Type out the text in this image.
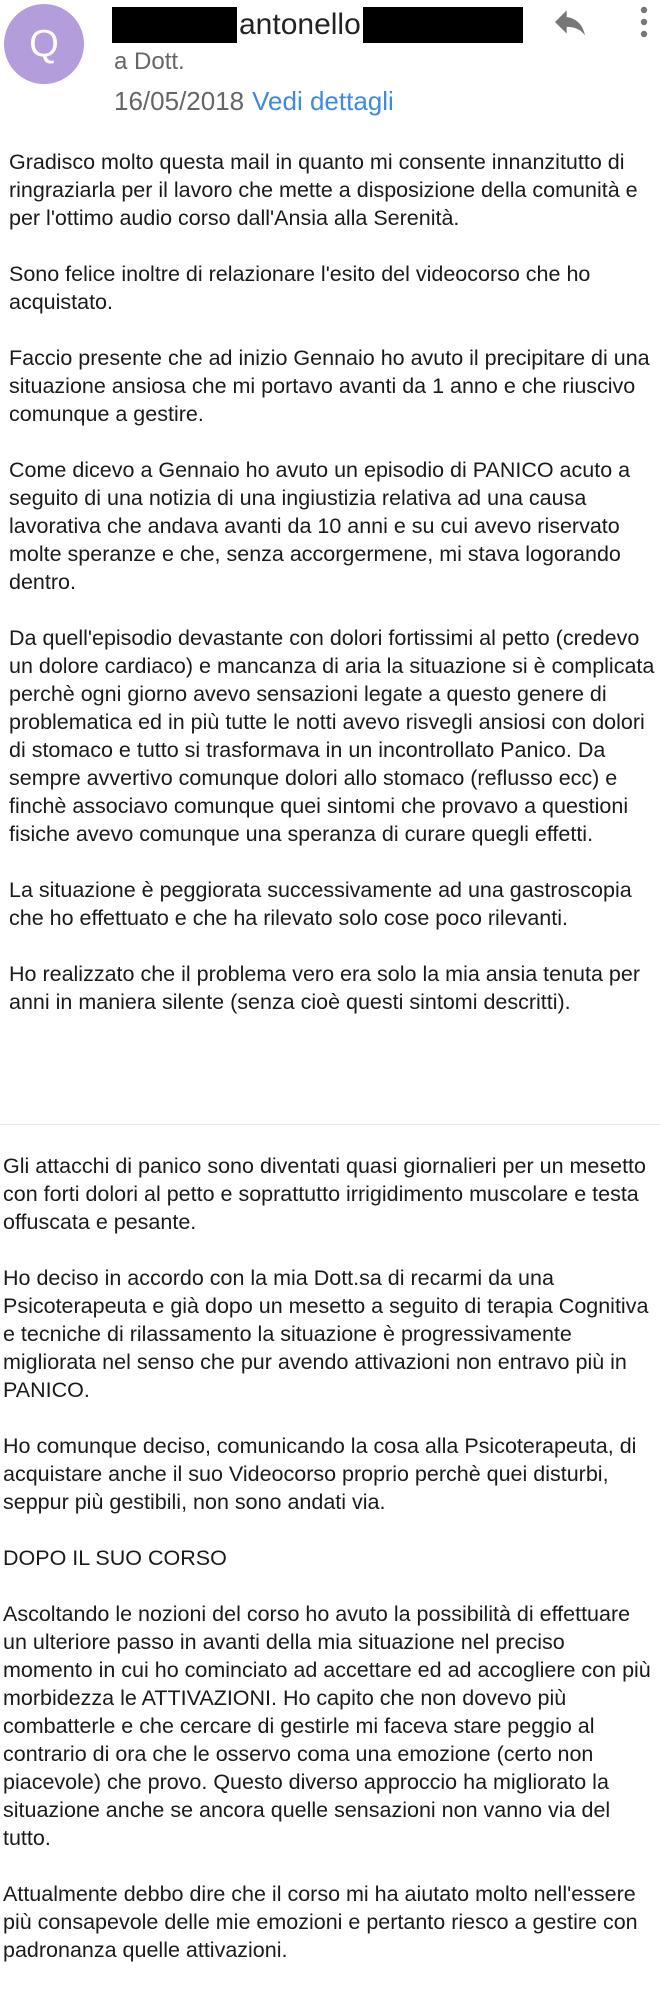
Q	antonello
a Dott.
16/05/2018 Vedi dettagli

Gradisco molto questa mail in quanto mi consente innanzitutto di ringraziarla per il lavoro che mette a disposizione della comunità e per l'ottimo audio corso dall'Ansia alla Serenità.

Sono felice inoltre di relazionare l'esito del videocorso che ho acquistato.

Faccio presente che ad inizio Gennaio ho avuto il precipitare di una situazione ansiosa che mi portavo avanti da 1 anno e che riuscivo comunque a gestire.

Come dicevo a Gennaio ho avuto un episodio di PANICO acuto a seguito di una notizia di una ingiustizia relativa ad una causa lavorativa che andava avanti da 10 anni e su cui avevo riservato molte speranze e che, senza accorgermene, mi stava logorando dentro.

Da quell'episodio devastante con dolori fortissimi al petto (credevo un dolore cardiaco) e mancanza di aria la situazione si è complicata perchè ogni giorno avevo sensazioni legate a questo genere di problematica ed in più tutte le notti avevo risvegli ansiosi con dolori di stomaco e tutto si trasformava in un incontrollato Panico. Da sempre avvertivo comunque dolori allo stomaco (reflusso ecc) e finchè associavo comunque quei sintomi che provavo a questioni fisiche avevo comunque una speranza di curare quegli effetti.

La situazione è peggiorata successivamente ad una gastroscopia che ho effettuato e che ha rilevato solo cose poco rilevanti.

Ho realizzato che il problema vero era solo la mia ansia tenuta per anni in maniera silente (senza cioè questi sintomi descritti).

Gli attacchi di panico sono diventati quasi giornalieri per un mesetto con forti dolori al petto e soprattutto irrigidimento muscolare e testa offuscata e pesante.

Ho deciso in accordo con la mia Dott.sa di recarmi da una Psicoterapeuta e già dopo un mesetto a seguito di terapia Cognitiva e tecniche di rilassamento la situazione è progressivamente migliorata nel senso che pur avendo attivazioni non entravo più in PANICO.

Ho comunque deciso, comunicando la cosa alla Psicoterapeuta, di acquistare anche il suo Videocorso proprio perchè quei disturbi, seppur più gestibili, non sono andati via.

DOPO IL SUO CORSO

Ascoltando le nozioni del corso ho avuto la possibilità di effettuare un ulteriore passo in avanti della mia situazione nel preciso momento in cui ho cominciato ad accettare ed ad accogliere con più morbidezza le ATTIVAZIONI. Ho capito che non dovevo più combatterle e che cercare di gestirle mi faceva stare peggio al contrario di ora che le osservo coma una emozione (certo non piacevole) che provo. Questo diverso approccio ha migliorato la situazione anche se ancora quelle sensazioni non vanno via del tutto.

Attualmente debbo dire che il corso mi ha aiutato molto nell'essere più consapevole delle mie emozioni e pertanto riesco a gestire con padronanza quelle attivazioni.
